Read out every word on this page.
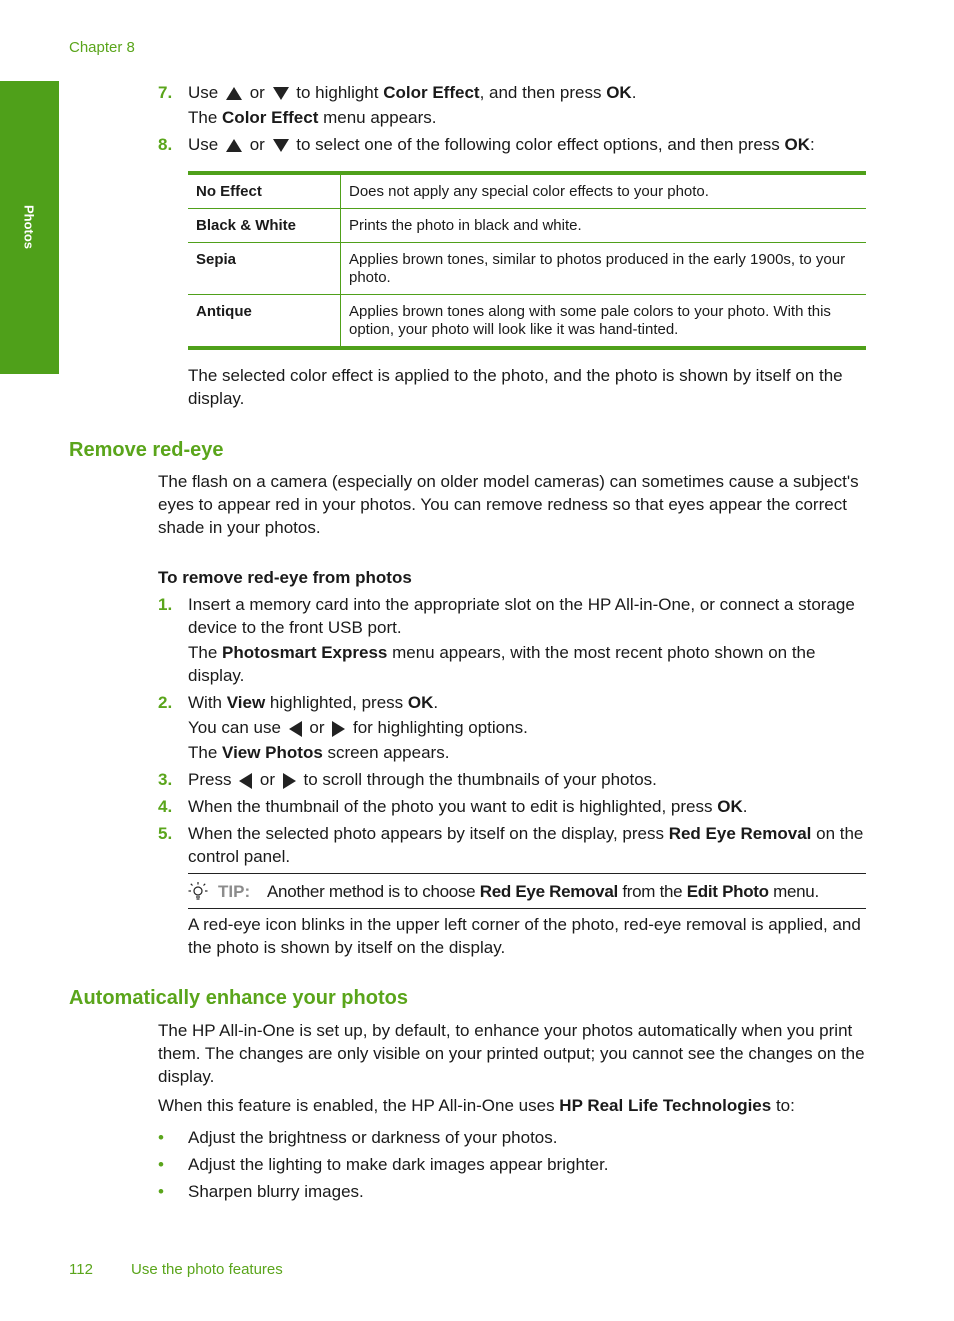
Chapter 8
Photos
7. Use  or  to highlight Color Effect, and then press OK.
The Color Effect menu appears.
8. Use  or  to select one of the following color effect options, and then press OK:
No Effect	Does not apply any special color effects to your photo.
Black & White	Prints the photo in black and white.
Sepia	Applies brown tones, similar to photos produced in the early 1900s, to your photo.
Antique	Applies brown tones along with some pale colors to your photo. With this option, your photo will look like it was hand-tinted.
The selected color effect is applied to the photo, and the photo is shown by itself on the display.
Remove red-eye
The flash on a camera (especially on older model cameras) can sometimes cause a subject's eyes to appear red in your photos. You can remove redness so that eyes appear the correct shade in your photos.
To remove red-eye from photos
1. Insert a memory card into the appropriate slot on the HP All-in-One, or connect a storage device to the front USB port.
The Photosmart Express menu appears, with the most recent photo shown on the display.
2. With View highlighted, press OK.
You can use  or  for highlighting options.
The View Photos screen appears.
3. Press  or  to scroll through the thumbnails of your photos.
4. When the thumbnail of the photo you want to edit is highlighted, press OK.
5. When the selected photo appears by itself on the display, press Red Eye Removal on the control panel.
TIP: Another method is to choose Red Eye Removal from the Edit Photo menu.
A red-eye icon blinks in the upper left corner of the photo, red-eye removal is applied, and the photo is shown by itself on the display.
Automatically enhance your photos
The HP All-in-One is set up, by default, to enhance your photos automatically when you print them. The changes are only visible on your printed output; you cannot see the changes on the display.
When this feature is enabled, the HP All-in-One uses HP Real Life Technologies to:
• Adjust the brightness or darkness of your photos.
• Adjust the lighting to make dark images appear brighter.
• Sharpen blurry images.
112	Use the photo features
